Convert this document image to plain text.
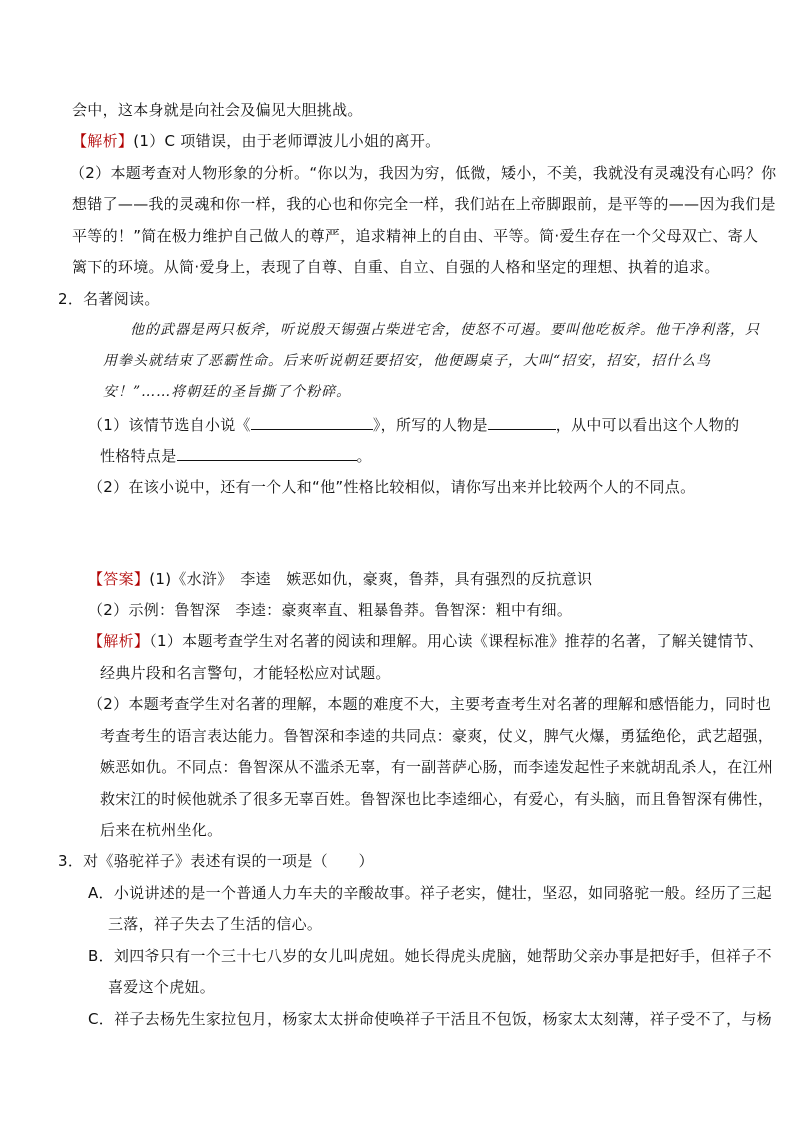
会中，这本身就是向社会及偏见大胆挑战。
【解析】(1）C 项错误，由于老师谭波儿小姐的离开。
（2）本题考查对人物形象的分析。“你以为，我因为穷，低微，矮小，不美，我就没有灵魂没有心吗？你
想错了——我的灵魂和你一样，我的心也和你完全一样，我们站在上帝脚跟前，是平等的——因为我们是
平等的！”简在极力维护自己做人的尊严，追求精神上的自由、平等。简·爱生存在一个父母双亡、寄人
篱下的环境。从简·爱身上，表现了自尊、自重、自立、自强的人格和坚定的理想、执着的追求。
2．名著阅读。
他的武器是两只板斧，听说殷天锡强占柴进宅舍，使怒不可遏。要叫他吃板斧。他干净利落，只
用拳头就结束了恶霸性命。后来听说朝廷要招安，他便踢桌子，大叫“招安，招安，招什么鸟
安！”……将朝廷的圣旨撕了个粉碎。
（1）该情节选自小说《	》，所写的人物是	，从中可以看出这个人物的
性格特点是	。
（2）在该小说中，还有一个人和“他”性格比较相似，请你写出来并比较两个人的不同点。
【答案】(1)《水浒》　李逵　嫉恶如仇，豪爽，鲁莽，具有强烈的反抗意识
（2）示例：鲁智深　李逵：豪爽率直、粗暴鲁莽。鲁智深：粗中有细。
【解析】（1）本题考查学生对名著的阅读和理解。用心读《课程标准》推荐的名著，了解关键情节、
经典片段和名言警句，才能轻松应对试题。
（2）本题考查学生对名著的理解，本题的难度不大，主要考查考生对名著的理解和感悟能力，同时也
考查考生的语言表达能力。鲁智深和李逵的共同点：豪爽，仗义，脾气火爆，勇猛绝伦，武艺超强，
嫉恶如仇。不同点：鲁智深从不滥杀无辜，有一副菩萨心肠，而李逵发起性子来就胡乱杀人，在江州
救宋江的时候他就杀了很多无辜百姓。鲁智深也比李逵细心，有爱心，有头脑，而且鲁智深有佛性，
后来在杭州坐化。
3．对《骆驼祥子》表述有误的一项是（　　）
A．小说讲述的是一个普通人力车夫的辛酸故事。祥子老实，健壮，坚忍，如同骆驼一般。经历了三起
三落，祥子失去了生活的信心。
B．刘四爷只有一个三十七八岁的女儿叫虎妞。她长得虎头虎脑，她帮助父亲办事是把好手，但祥子不
喜爱这个虎妞。
C．祥子去杨先生家拉包月，杨家太太拼命使唤祥子干活且不包饭，杨家太太刻薄，祥子受不了，与杨
